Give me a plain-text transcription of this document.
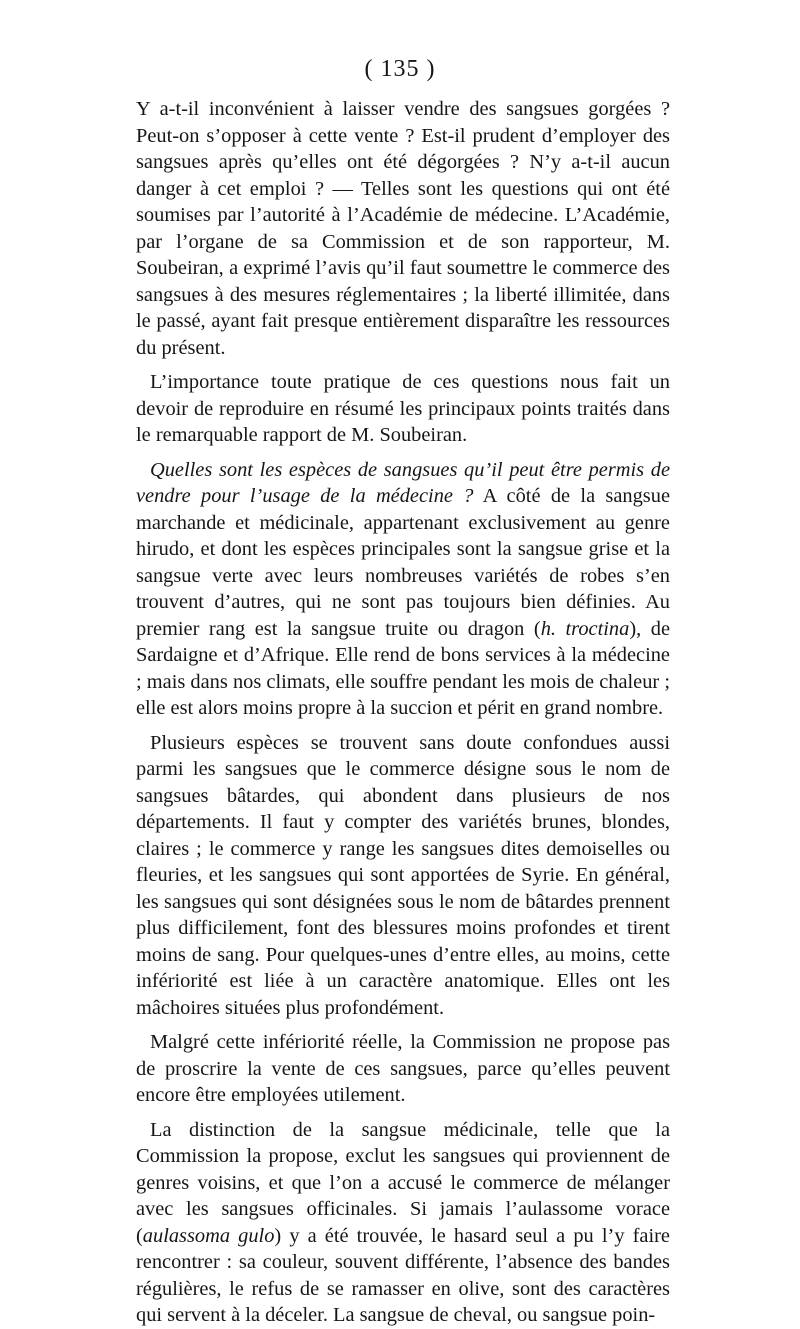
( 135 )

Y a-t-il inconvénient à laisser vendre des sangsues gorgées ? Peut-on s’opposer à cette vente ? Est-il prudent d’employer des sangsues après qu’elles ont été dégorgées ? N’y a-t-il aucun danger à cet emploi ? — Telles sont les questions qui ont été soumises par l’autorité à l’Académie de médecine. L’Académie, par l’organe de sa Commission et de son rapporteur, M. Soubeiran, a exprimé l’avis qu’il faut soumettre le commerce des sangsues à des mesures réglementaires ; la liberté illimitée, dans le passé, ayant fait presque entièrement disparaître les ressources du présent.

L’importance toute pratique de ces questions nous fait un devoir de reproduire en résumé les principaux points traités dans le remarquable rapport de M. Soubeiran.

Quelles sont les espèces de sangsues qu’il peut être permis de vendre pour l’usage de la médecine ? A côté de la sangsue marchande et médicinale, appartenant exclusivement au genre hirudo, et dont les espèces principales sont la sangsue grise et la sangsue verte avec leurs nombreuses variétés de robes s’en trouvent d’autres, qui ne sont pas toujours bien définies. Au premier rang est la sangsue truite ou dragon (h. troctina), de Sardaigne et d’Afrique. Elle rend de bons services à la médecine ; mais dans nos climats, elle souffre pendant les mois de chaleur ; elle est alors moins propre à la succion et périt en grand nombre.

Plusieurs espèces se trouvent sans doute confondues aussi parmi les sangsues que le commerce désigne sous le nom de sangsues bâtardes, qui abondent dans plusieurs de nos départements. Il faut y compter des variétés brunes, blondes, claires ; le commerce y range les sangsues dites demoiselles ou fleuries, et les sangsues qui sont apportées de Syrie. En général, les sangsues qui sont désignées sous le nom de bâtardes prennent plus difficilement, font des blessures moins profondes et tirent moins de sang. Pour quelques-unes d’entre elles, au moins, cette infériorité est liée à un caractère anatomique. Elles ont les mâchoires situées plus profondément.

Malgré cette infériorité réelle, la Commission ne propose pas de proscrire la vente de ces sangsues, parce qu’elles peuvent encore être employées utilement.

La distinction de la sangsue médicinale, telle que la Commission la propose, exclut les sangsues qui proviennent de genres voisins, et que l’on a accusé le commerce de mélanger avec les sangsues officinales. Si jamais l’aulassome vorace (aulassoma gulo) y a été trouvée, le hasard seul a pu l’y faire rencontrer : sa couleur, souvent différente, l’absence des bandes régulières, le refus de se ramasser en olive, sont des caractères qui servent à la déceler. La sangsue de cheval, ou sangsue poin-
